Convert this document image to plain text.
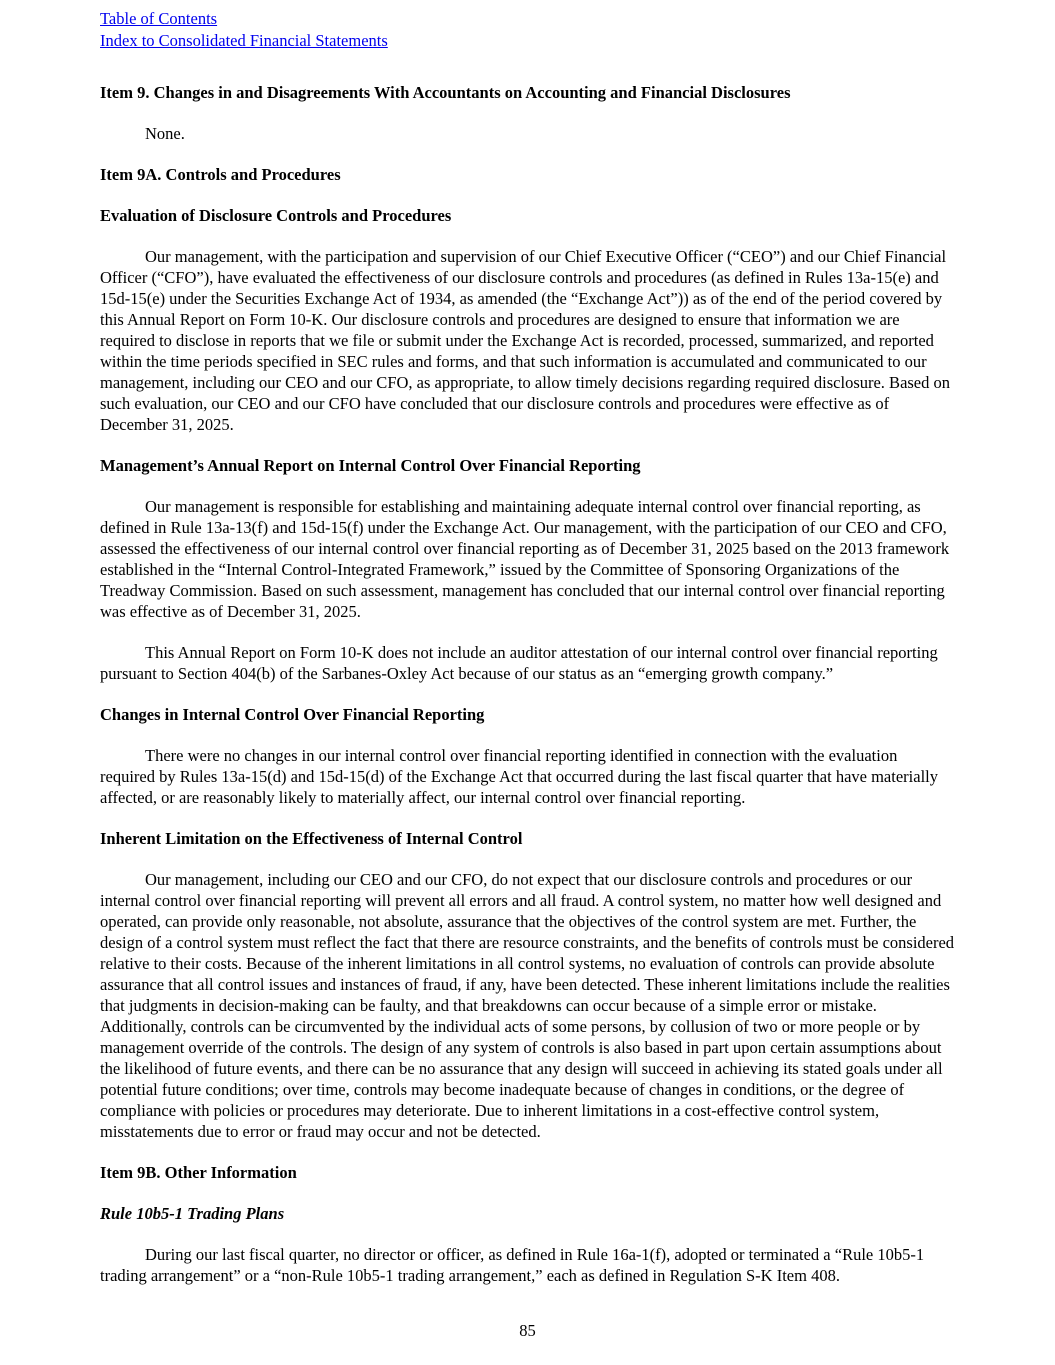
Table of Contents
Index to Consolidated Financial Statements
Item 9. Changes in and Disagreements With Accountants on Accounting and Financial Disclosures

None.

Item 9A. Controls and Procedures
Evaluation of Disclosure Controls and Procedures

Our management, with the participation and supervision of our Chief Executive Officer (“CEO”) and our Chief Financial Officer (“CFO”), have evaluated the effectiveness of our disclosure controls and procedures (as defined in Rules 13a-15(e) and 15d-15(e) under the Securities Exchange Act of 1934, as amended (the “Exchange Act”)) as of the end of the period covered by this Annual Report on Form 10-K. Our disclosure controls and procedures are designed to ensure that information we are required to disclose in reports that we file or submit under the Exchange Act is recorded, processed, summarized, and reported within the time periods specified in SEC rules and forms, and that such information is accumulated and communicated to our management, including our CEO and our CFO, as appropriate, to allow timely decisions regarding required disclosure. Based on such evaluation, our CEO and our CFO have concluded that our disclosure controls and procedures were effective as of December 31, 2025.

Management’s Annual Report on Internal Control Over Financial Reporting

Our management is responsible for establishing and maintaining adequate internal control over financial reporting, as defined in Rule 13a-13(f) and 15d-15(f) under the Exchange Act. Our management, with the participation of our CEO and CFO, assessed the effectiveness of our internal control over financial reporting as of December 31, 2025 based on the 2013 framework established in the “Internal Control-Integrated Framework,” issued by the Committee of Sponsoring Organizations of the Treadway Commission. Based on such assessment, management has concluded that our internal control over financial reporting was effective as of December 31, 2025.

This Annual Report on Form 10-K does not include an auditor attestation of our internal control over financial reporting pursuant to Section 404(b) of the Sarbanes-Oxley Act because of our status as an “emerging growth company.”

Changes in Internal Control Over Financial Reporting

There were no changes in our internal control over financial reporting identified in connection with the evaluation required by Rules 13a-15(d) and 15d-15(d) of the Exchange Act that occurred during the last fiscal quarter that have materially affected, or are reasonably likely to materially affect, our internal control over financial reporting.

Inherent Limitation on the Effectiveness of Internal Control

Our management, including our CEO and our CFO, do not expect that our disclosure controls and procedures or our internal control over financial reporting will prevent all errors and all fraud. A control system, no matter how well designed and operated, can provide only reasonable, not absolute, assurance that the objectives of the control system are met. Further, the design of a control system must reflect the fact that there are resource constraints, and the benefits of controls must be considered relative to their costs. Because of the inherent limitations in all control systems, no evaluation of controls can provide absolute assurance that all control issues and instances of fraud, if any, have been detected. These inherent limitations include the realities that judgments in decision-making can be faulty, and that breakdowns can occur because of a simple error or mistake. Additionally, controls can be circumvented by the individual acts of some persons, by collusion of two or more people or by management override of the controls. The design of any system of controls is also based in part upon certain assumptions about the likelihood of future events, and there can be no assurance that any design will succeed in achieving its stated goals under all potential future conditions; over time, controls may become inadequate because of changes in conditions, or the degree of compliance with policies or procedures may deteriorate. Due to inherent limitations in a cost-effective control system, misstatements due to error or fraud may occur and not be detected.

Item 9B. Other Information
Rule 10b5-1 Trading Plans

During our last fiscal quarter, no director or officer, as defined in Rule 16a-1(f), adopted or terminated a “Rule 10b5-1 trading arrangement” or a “non-Rule 10b5-1 trading arrangement,” each as defined in Regulation S-K Item 408.

85
